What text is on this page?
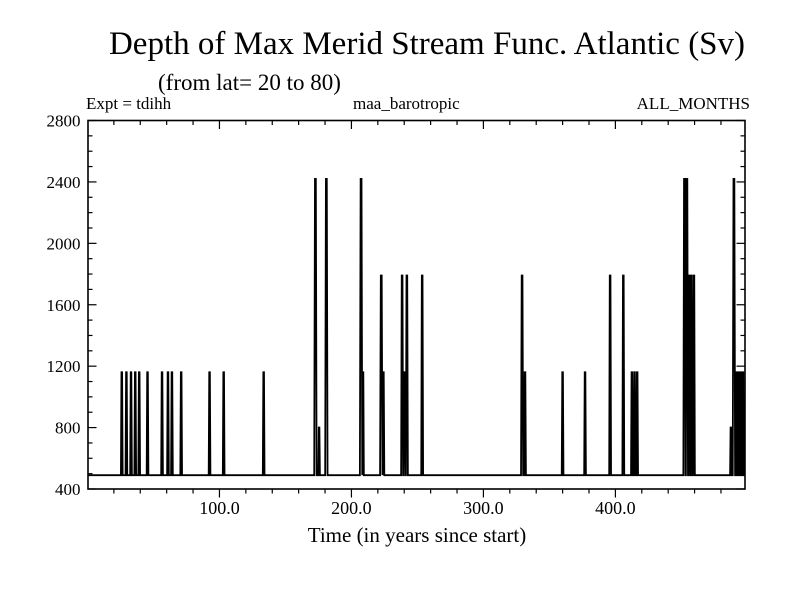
Depth of Max Merid Stream Func. Atlantic (Sv)
(from lat= 20 to 80)
Expt = tdihh	maa_barotropic	ALL_MONTHS
400
800
1200
1600
2000
2400
2800
100.0	200.0	300.0	400.0
Time (in years since start)
